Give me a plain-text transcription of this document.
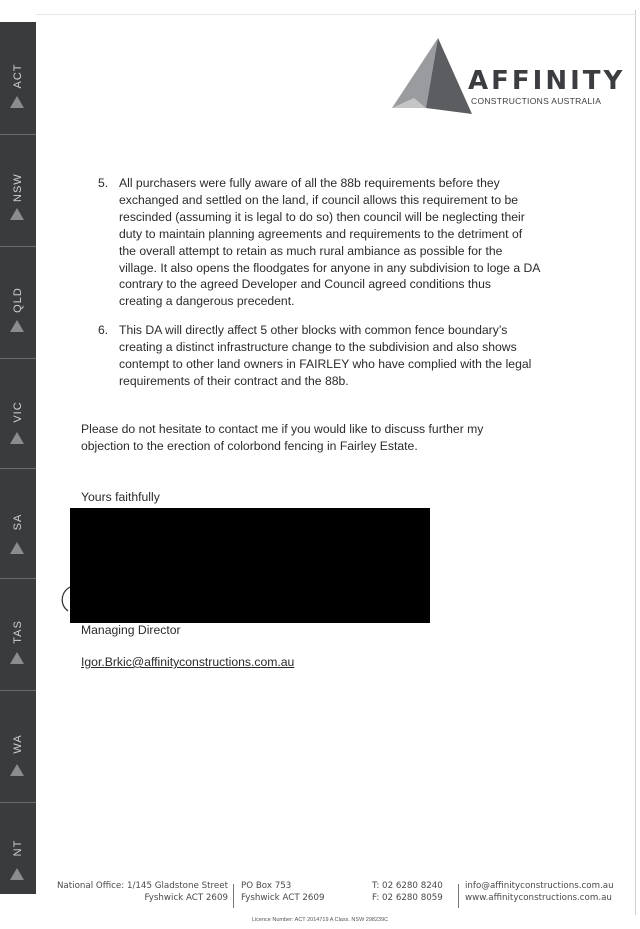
ACT
NSW
QLD
VIC
SA
TAS
WA
NT
AFFINITY
CONSTRUCTIONS AUSTRALIA
5. All purchasers were fully aware of all the 88b requirements before they
exchanged and settled on the land, if council allows this requirement to be
rescinded (assuming it is legal to do so) then council will be neglecting their
duty to maintain planning agreements and requirements to the detriment of
the overall attempt to retain as much rural ambiance as possible for the
village. It also opens the floodgates for anyone in any subdivision to loge a DA
contrary to the agreed Developer and Council agreed conditions thus
creating a dangerous precedent.
6. This DA will directly affect 5 other blocks with common fence boundary’s
creating a distinct infrastructure change to the subdivision and also shows
contempt to other land owners in FAIRLEY who have complied with the legal
requirements of their contract and the 88b.
Please do not hesitate to contact me if you would like to discuss further my
objection to the erection of colorbond fencing in Fairley Estate.
Yours faithfully
Managing Director
Igor.Brkic@affinityconstructions.com.au
National Office: 1/145 Gladstone Street
Fyshwick ACT 2609
PO Box 753
Fyshwick ACT 2609
T: 02 6280 8240
F: 02 6280 8059
info@affinityconstructions.com.au
www.affinityconstructions.com.au
Licence Number: ACT 2014719 A Class. NSW 298239C
